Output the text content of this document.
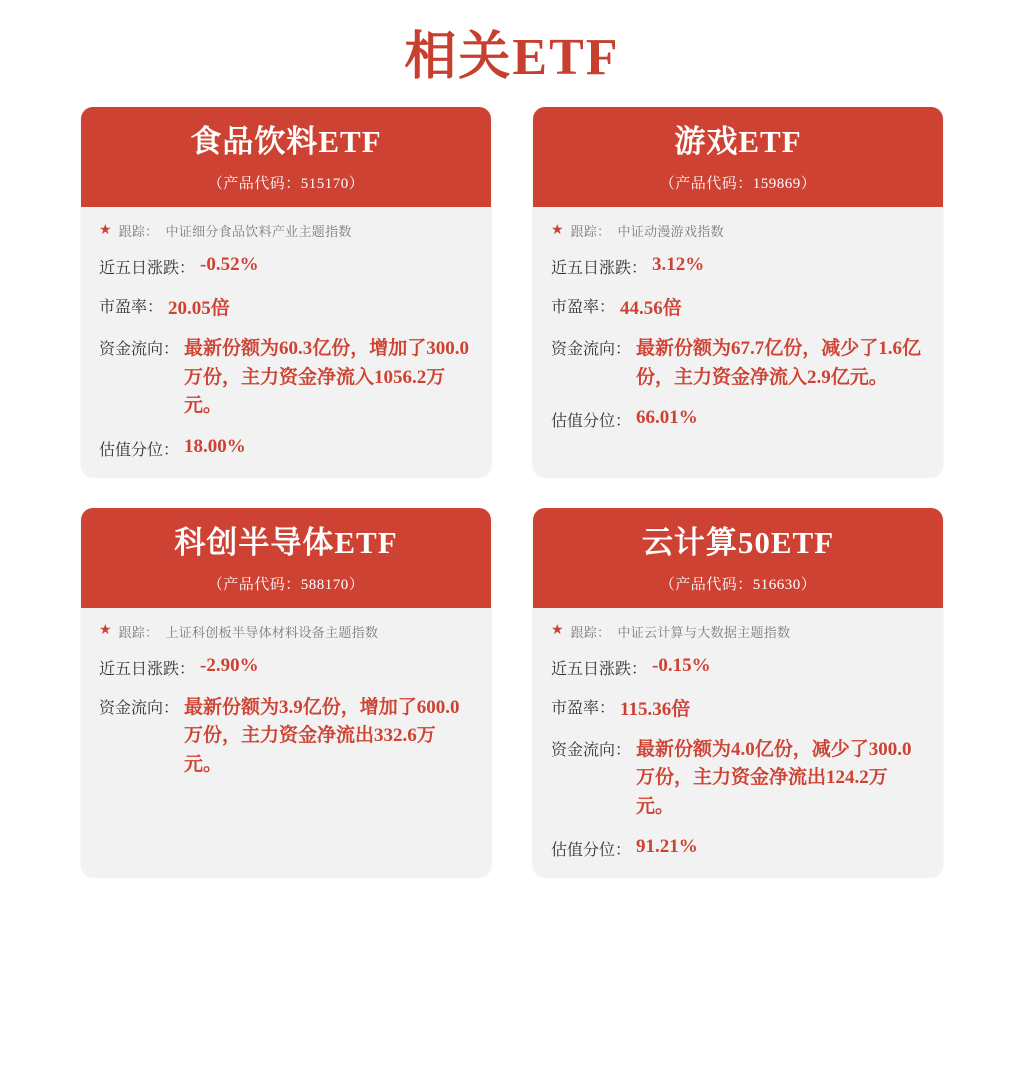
相关ETF
食品饮料ETF
（产品代码：515170）
★ 跟踪： 中证细分食品饮料产业主题指数
近五日涨跌： -0.52%
市盈率： 20.05倍
资金流向： 最新份额为60.3亿份，增加了300.0万份，主力资金净流入1056.2万元。
估值分位： 18.00%
游戏ETF
（产品代码：159869）
★ 跟踪： 中证动漫游戏指数
近五日涨跌： 3.12%
市盈率： 44.56倍
资金流向： 最新份额为67.7亿份，减少了1.6亿份，主力资金净流入2.9亿元。
估值分位： 66.01%
科创半导体ETF
（产品代码：588170）
★ 跟踪： 上证科创板半导体材料设备主题指数
近五日涨跌： -2.90%
资金流向： 最新份额为3.9亿份，增加了600.0万份，主力资金净流出332.6万元。
云计算50ETF
（产品代码：516630）
★ 跟踪： 中证云计算与大数据主题指数
近五日涨跌： -0.15%
市盈率： 115.36倍
资金流向： 最新份额为4.0亿份，减少了300.0万份，主力资金净流出124.2万元。
估值分位： 91.21%
